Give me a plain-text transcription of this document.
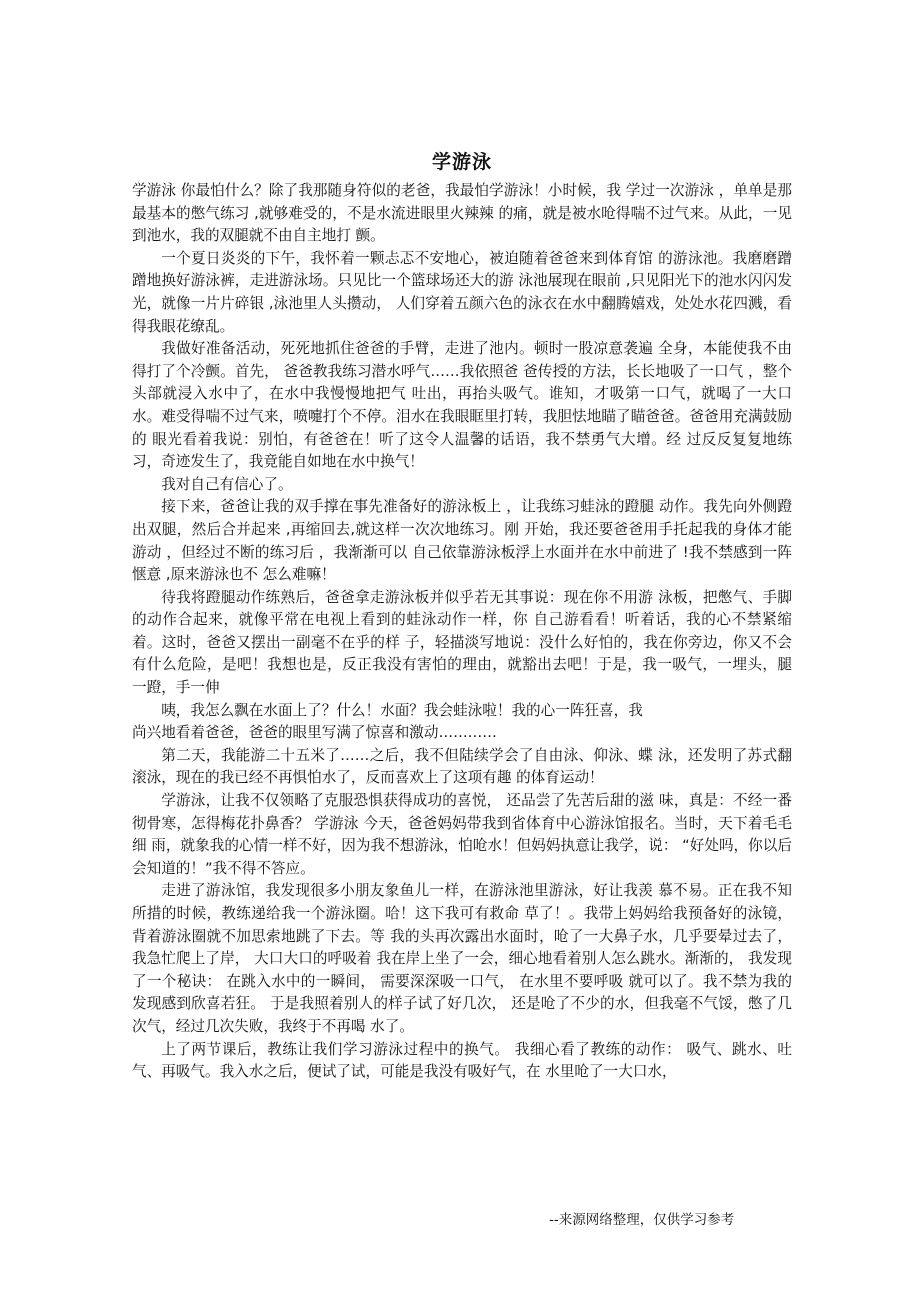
学游泳

学游泳 你最怕什么？除了我那随身符似的老爸，我最怕学游泳！小时候，我 学过一次游泳 ，单单是那最基本的憋气练习 ,就够难受的，不是水流进眼里火辣辣 的痛，就是被水呛得喘不过气来。从此，一见到池水，我的双腿就不由自主地打 颤。

一个夏日炎炎的下午，我怀着一颗忐忑不安地心，被迫随着爸爸来到体育馆 的游泳池。我磨磨蹭蹭地换好游泳裤，走进游泳场。只见比一个篮球场还大的游 泳池展现在眼前 ,只见阳光下的池水闪闪发光，就像一片片碎银 ,泳池里人头攒动， 人们穿着五颜六色的泳衣在水中翻腾嬉戏，处处水花四溅，看得我眼花缭乱。

我做好准备活动，死死地抓住爸爸的手臂，走进了池内。顿时一股凉意袭遍 全身，本能使我不由得打了个冷颤。首先， 爸爸教我练习潜水呼气……我依照爸 爸传授的方法，长长地吸了一口气 ，整个头部就浸入水中了，在水中我慢慢地把气 吐出，再抬头吸气。谁知，才吸第一口气，就喝了一大口水。难受得喘不过气来，喷嚏打个不停。泪水在我眼眶里打转，我胆怯地瞄了瞄爸爸。爸爸用充满鼓励的 眼光看着我说：别怕，有爸爸在！听了这令人温馨的话语，我不禁勇气大增。经 过反反复复地练习，奇迹发生了，我竟能自如地在水中换气！

我对自己有信心了。

接下来，爸爸让我的双手撑在事先准备好的游泳板上 ，让我练习蛙泳的蹬腿 动作。我先向外侧蹬出双腿，然后合并起来 ,再缩回去,就这样一次次地练习。刚 开始，我还要爸爸用手托起我的身体才能游动 ，但经过不断的练习后 ，我渐渐可以 自己依靠游泳板浮上水面并在水中前进了 !我不禁感到一阵惬意 ,原来游泳也不 怎么难嘛！

待我将蹬腿动作练熟后，爸爸拿走游泳板并似乎若无其事说：现在你不用游 泳板，把憋气、手脚的动作合起来，就像平常在电视上看到的蛙泳动作一样，你 自己游看看！听着话，我的心不禁紧缩着。这时，爸爸又摆出一副毫不在乎的样 子，轻描淡写地说：没什么好怕的，我在你旁边，你又不会有什么危险，是吧！我想也是，反正我没有害怕的理由，就豁出去吧！于是，我一吸气，一埋头，腿 一蹬，手一伸

咦，我怎么飘在水面上了？什么！水面？我会蛙泳啦！我的心一阵狂喜，我

尚兴地看着爸爸，爸爸的眼里写满了惊喜和激动…………

第二天，我能游二十五米了……之后，我不但陆续学会了自由泳、仰泳、蝶 泳，还发明了苏式翻滚泳，现在的我已经不再惧怕水了，反而喜欢上了这项有趣 的体育运动！

学游泳，让我不仅领略了克服恐惧获得成功的喜悦， 还品尝了先苦后甜的滋 味，真是：不经一番彻骨寒，怎得梅花扑鼻香？ 学游泳 今天，爸爸妈妈带我到省体育中心游泳馆报名。当时，天下着毛毛细 雨，就象我的心情一样不好，因为我不想游泳，怕呛水！但妈妈执意让我学，说： “好处吗，你以后会知道的！”我不得不答应。

走进了游泳馆，我发现很多小朋友象鱼儿一样，在游泳池里游泳，好让我羡 慕不易。正在我不知所措的时候，教练递给我一个游泳圈。哈！这下我可有救命 草了！。我带上妈妈给我预备好的泳镜，背着游泳圈就不加思索地跳了下去。等 我的头再次露出水面时，呛了一大鼻子水，几乎要晕过去了，我急忙爬上了岸， 大口大口的呼吸着 我在岸上坐了一会，细心地看着别人怎么跳水。渐渐的， 我发现了一个秘诀： 在跳入水中的一瞬间， 需要深深吸一口气， 在水里不要呼吸 就可以了。我不禁为我的发现感到欣喜若狂。 于是我照着别人的样子试了好几次， 还是呛了不少的水，但我毫不气馁，憋了几次气，经过几次失败，我终于不再喝 水了。

上了两节课后，教练让我们学习游泳过程中的换气。 我细心看了教练的动作： 吸气、跳水、吐气、再吸气。我入水之后，便试了试，可能是我没有吸好气，在 水里呛了一大口水，

--来源网络整理，仅供学习参考
